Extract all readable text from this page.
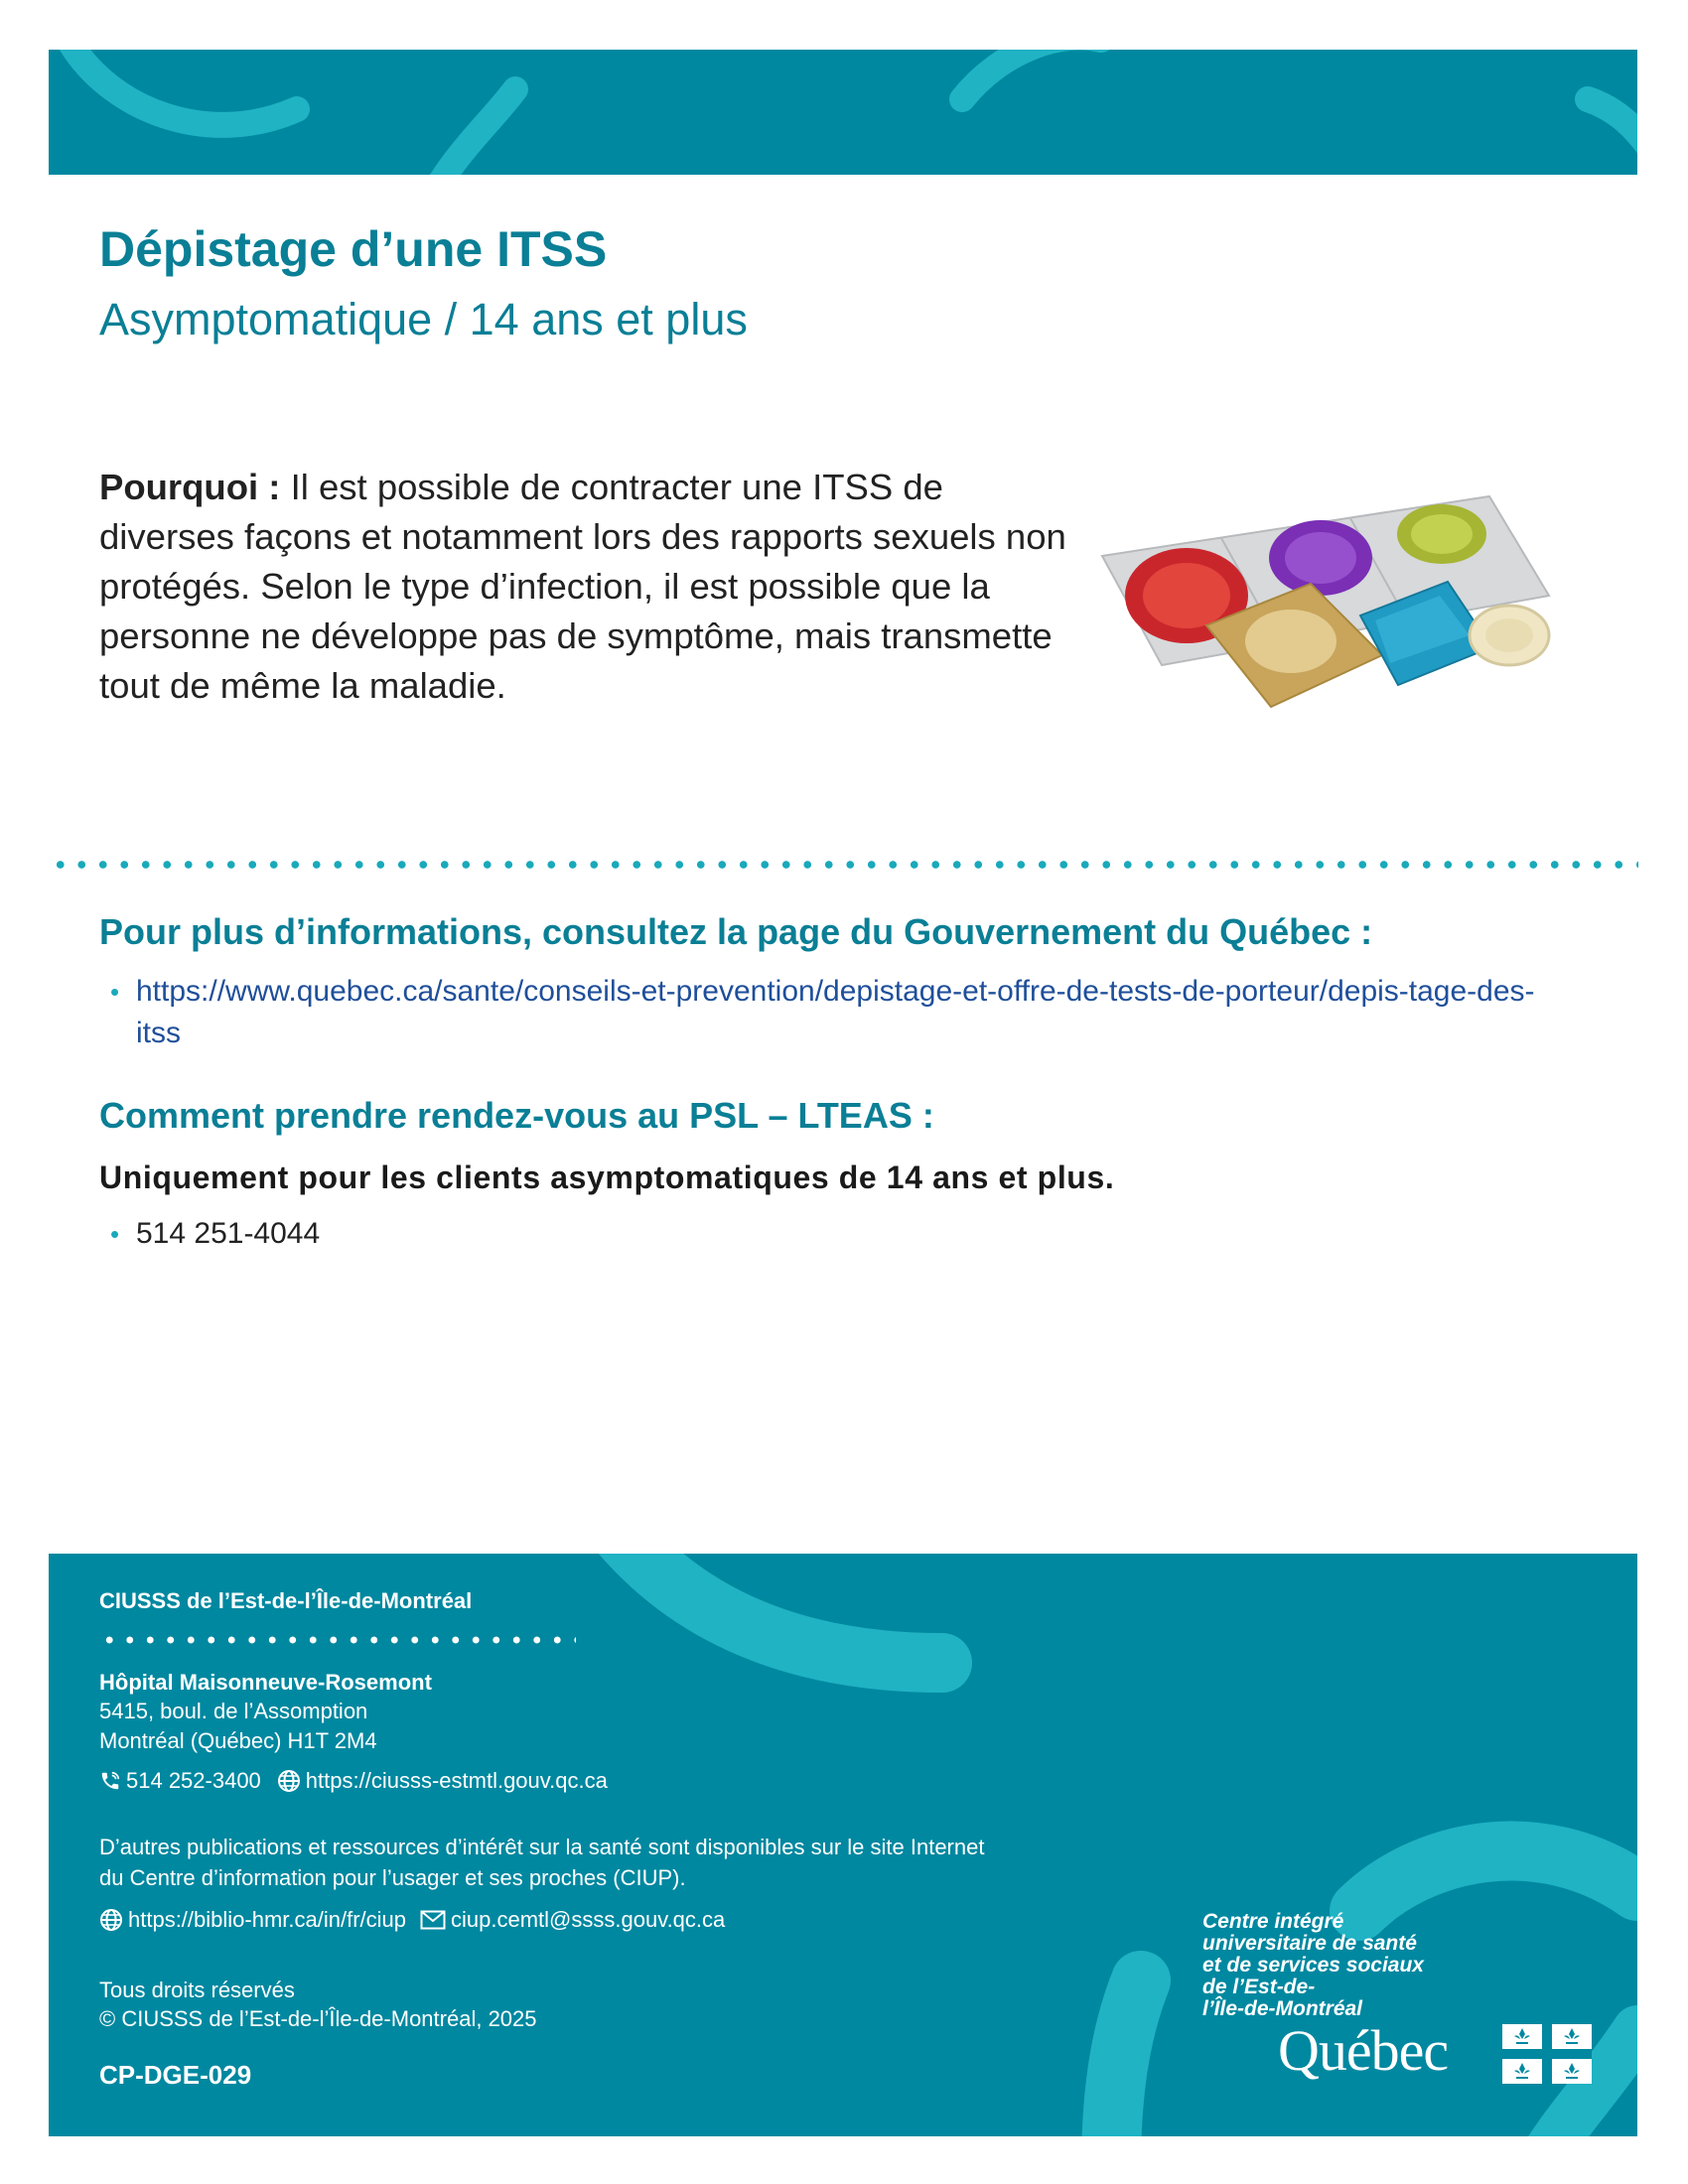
Dépistage d’une ITSS
Asymptomatique / 14 ans et plus
Pourquoi : Il est possible de contracter une ITSS de diverses façons et notamment lors des rapports sexuels non protégés. Selon le type d’infection, il est possible que la personne ne développe pas de symptôme, mais transmette tout de même la maladie.
Pour plus d’informations, consultez la page du Gouvernement du Québec :
• https://www.quebec.ca/sante/conseils-et-prevention/depistage-et-offre-de-tests-de-porteur/depis-tage-des-itss
Comment prendre rendez-vous au PSL – LTEAS :
Uniquement pour les clients asymptomatiques de 14 ans et plus.
• 514 251-4044
CIUSSS de l’Est-de-l’Île-de-Montréal
Hôpital Maisonneuve-Rosemont
5415, boul. de l’Assomption
Montréal (Québec) H1T 2M4
514 252-3400 https://ciusss-estmtl.gouv.qc.ca
D’autres publications et ressources d’intérêt sur la santé sont disponibles sur le site Internet du Centre d’information pour l’usager et ses proches (CIUP).
https://biblio-hmr.ca/in/fr/ciup ciup.cemtl@ssss.gouv.qc.ca
Tous droits réservés
© CIUSSS de l’Est-de-l’Île-de-Montréal, 2025
CP-DGE-029
Centre intégré
universitaire de santé
et de services sociaux
de l’Est-de-
l’Île-de-Montréal
Québec
